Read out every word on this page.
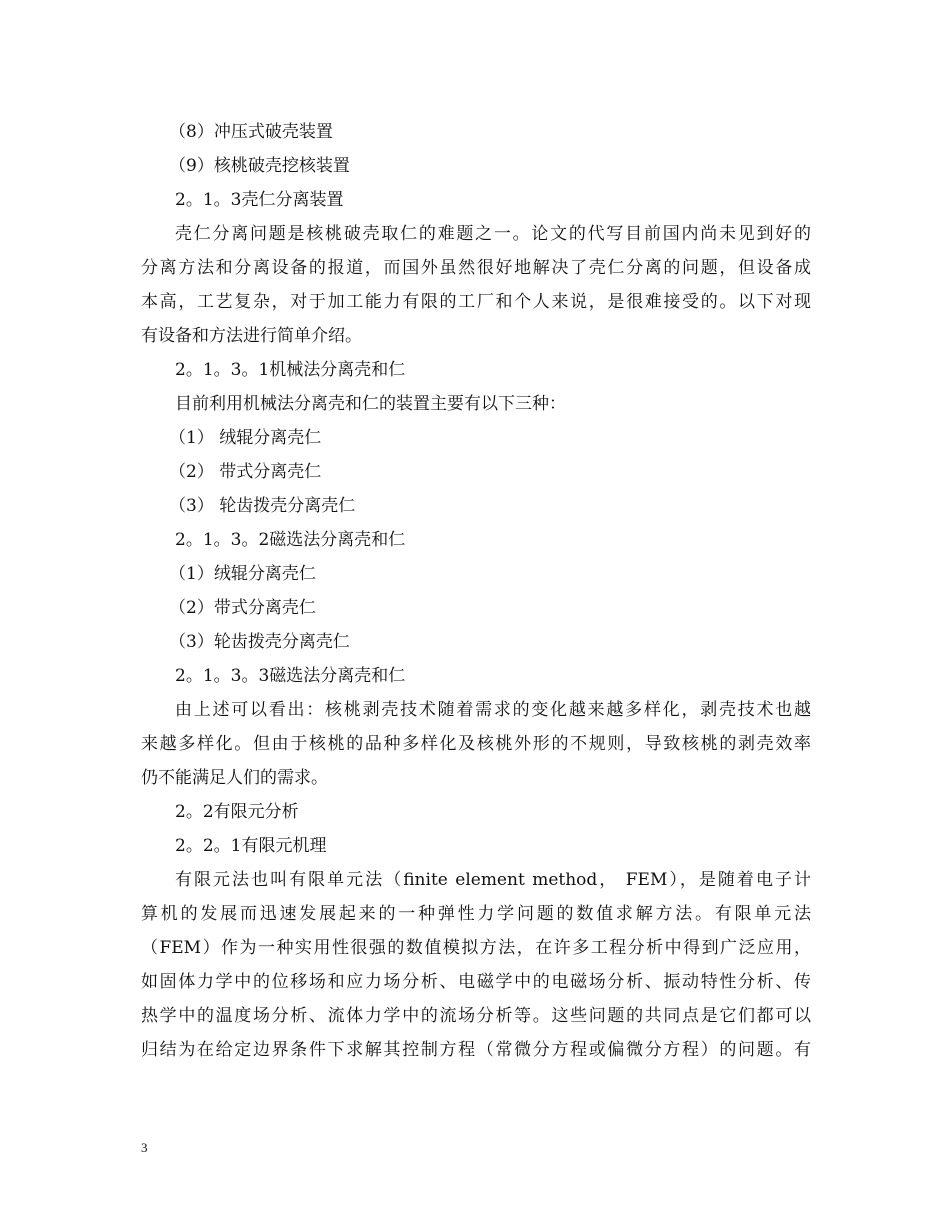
（8）冲压式破壳装置
（9）核桃破壳挖核装置
2。1。3壳仁分离装置
壳仁分离问题是核桃破壳取仁的难题之一。论文的代写目前国内尚未见到好的
分离方法和分离设备的报道，而国外虽然很好地解决了壳仁分离的问题，但设备成
本高，工艺复杂，对于加工能力有限的工厂和个人来说，是很难接受的。以下对现
有设备和方法进行简单介绍。
2。1。3。1机械法分离壳和仁
目前利用机械法分离壳和仁的装置主要有以下三种：
（1） 绒辊分离壳仁
（2） 带式分离壳仁
（3） 轮齿拨壳分离壳仁
2。1。3。2磁选法分离壳和仁
（1）绒辊分离壳仁
（2）带式分离壳仁
（3）轮齿拨壳分离壳仁
2。1。3。3磁选法分离壳和仁
由上述可以看出：核桃剥壳技术随着需求的变化越来越多样化，剥壳技术也越
来越多样化。但由于核桃的品种多样化及核桃外形的不规则，导致核桃的剥壳效率
仍不能满足人们的需求。
2。2有限元分析
2。2。1有限元机理
有限元法也叫有限单元法（finite element method， FEM），是随着电子计
算机的发展而迅速发展起来的一种弹性力学问题的数值求解方法。有限单元法
（FEM）作为一种实用性很强的数值模拟方法，在许多工程分析中得到广泛应用，
如固体力学中的位移场和应力场分析、电磁学中的电磁场分析、振动特性分析、传
热学中的温度场分析、流体力学中的流场分析等。这些问题的共同点是它们都可以
归结为在给定边界条件下求解其控制方程（常微分方程或偏微分方程）的问题。有
3
